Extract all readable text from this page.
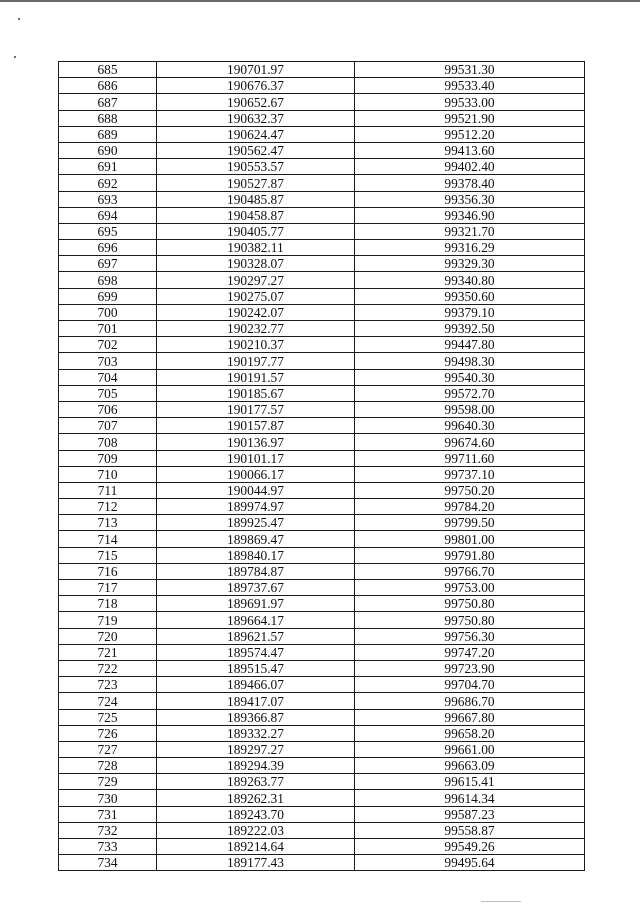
685	190701.97	99531.30
686	190676.37	99533.40
687	190652.67	99533.00
688	190632.37	99521.90
689	190624.47	99512.20
690	190562.47	99413.60
691	190553.57	99402.40
692	190527.87	99378.40
693	190485.87	99356.30
694	190458.87	99346.90
695	190405.77	99321.70
696	190382.11	99316.29
697	190328.07	99329.30
698	190297.27	99340.80
699	190275.07	99350.60
700	190242.07	99379.10
701	190232.77	99392.50
702	190210.37	99447.80
703	190197.77	99498.30
704	190191.57	99540.30
705	190185.67	99572.70
706	190177.57	99598.00
707	190157.87	99640.30
708	190136.97	99674.60
709	190101.17	99711.60
710	190066.17	99737.10
711	190044.97	99750.20
712	189974.97	99784.20
713	189925.47	99799.50
714	189869.47	99801.00
715	189840.17	99791.80
716	189784.87	99766.70
717	189737.67	99753.00
718	189691.97	99750.80
719	189664.17	99750.80
720	189621.57	99756.30
721	189574.47	99747.20
722	189515.47	99723.90
723	189466.07	99704.70
724	189417.07	99686.70
725	189366.87	99667.80
726	189332.27	99658.20
727	189297.27	99661.00
728	189294.39	99663.09
729	189263.77	99615.41
730	189262.31	99614.34
731	189243.70	99587.23
732	189222.03	99558.87
733	189214.64	99549.26
734	189177.43	99495.64
